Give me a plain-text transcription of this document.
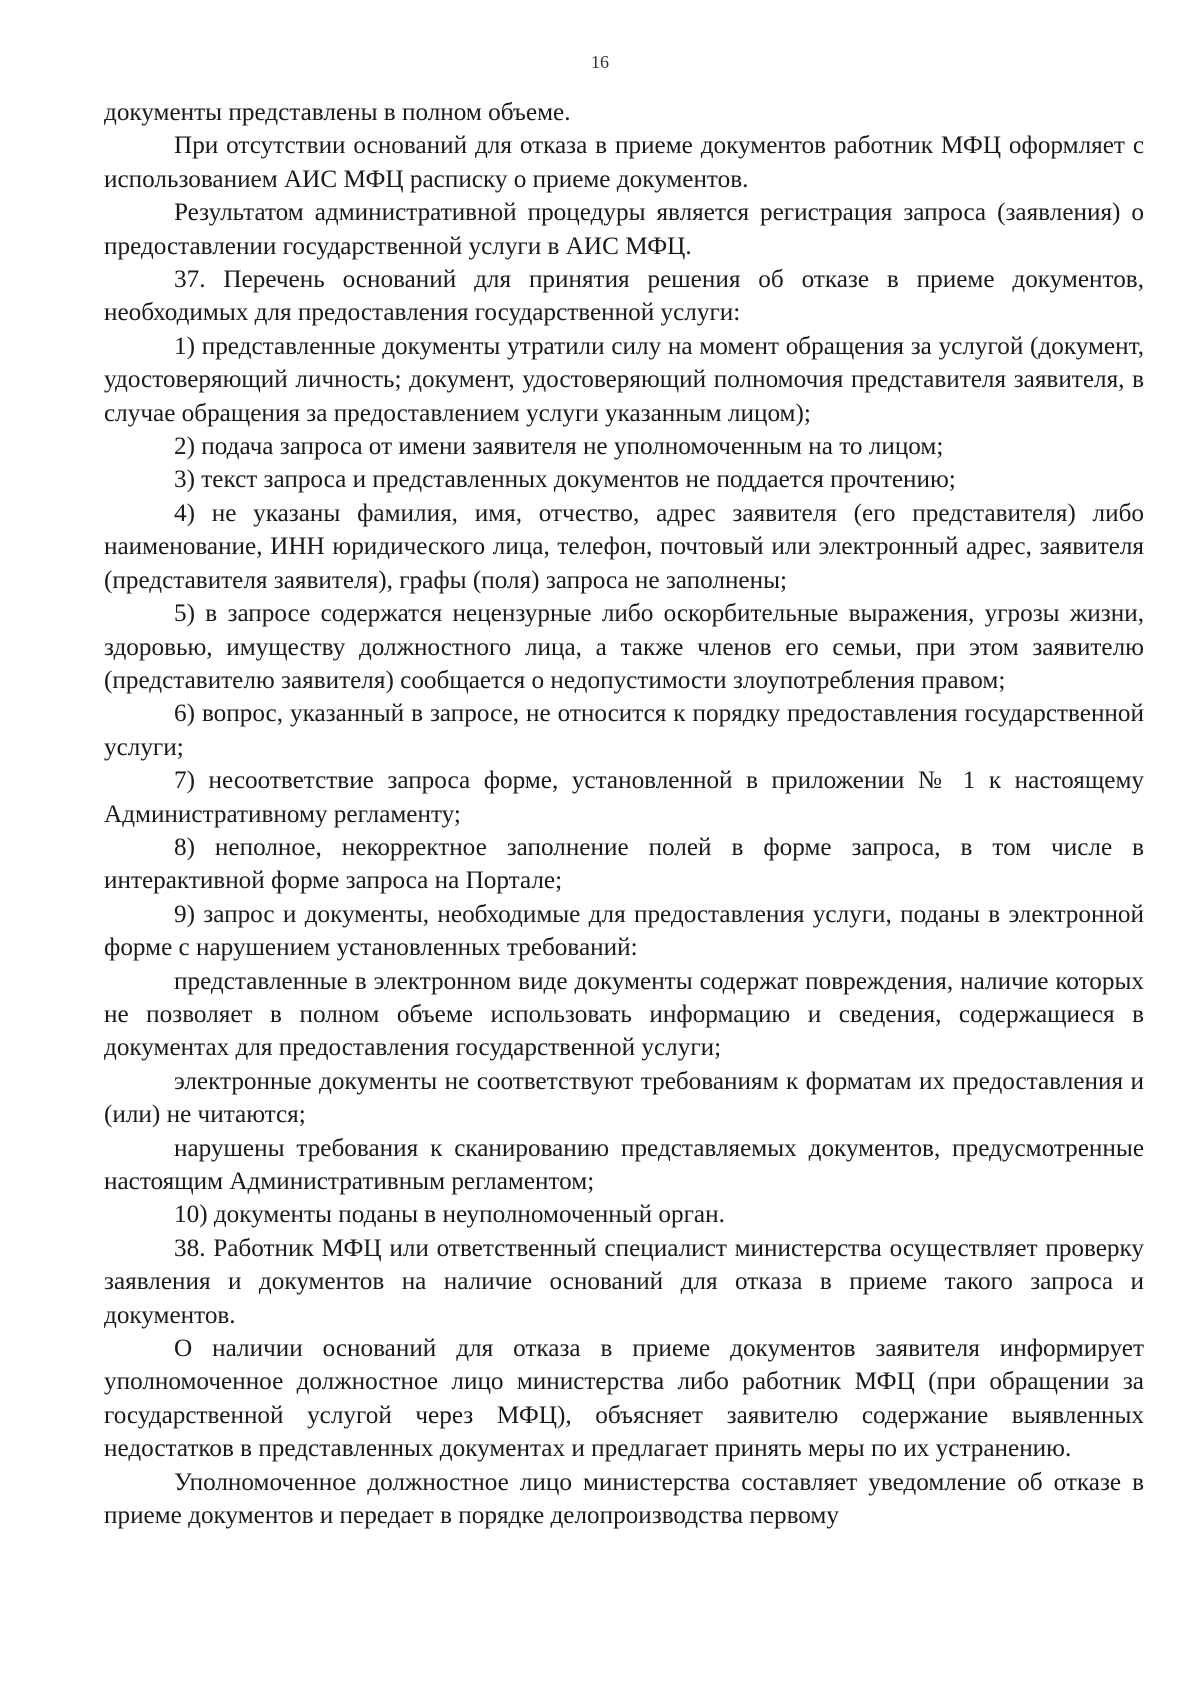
16

документы представлены в полном объеме.

При отсутствии оснований для отказа в приеме документов работник МФЦ оформляет с использованием АИС МФЦ расписку о приеме документов.

Результатом административной процедуры является регистрация запроса (заявления) о предоставлении государственной услуги в АИС МФЦ.

37. Перечень оснований для принятия решения об отказе в приеме документов, необходимых для предоставления государственной услуги:

1) представленные документы утратили силу на момент обращения за услугой (документ, удостоверяющий личность; документ, удостоверяющий полномочия представителя заявителя, в случае обращения за предоставлением услуги указанным лицом);

2) подача запроса от имени заявителя не уполномоченным на то лицом;

3) текст запроса и представленных документов не поддается прочтению;

4) не указаны фамилия, имя, отчество, адрес заявителя (его представителя) либо наименование, ИНН юридического лица, телефон, почтовый или электронный адрес, заявителя (представителя заявителя), графы (поля) запроса не заполнены;

5) в запросе содержатся нецензурные либо оскорбительные выражения, угрозы жизни, здоровью, имуществу должностного лица, а также членов его семьи, при этом заявителю (представителю заявителя) сообщается о недопустимости злоупотребления правом;

6) вопрос, указанный в запросе, не относится к порядку предоставления государственной услуги;

7) несоответствие запроса форме, установленной в приложении № 1 к настоящему Административному регламенту;

8) неполное, некорректное заполнение полей в форме запроса, в том числе в интерактивной форме запроса на Портале;

9) запрос и документы, необходимые для предоставления услуги, поданы в электронной форме с нарушением установленных требований:

представленные в электронном виде документы содержат повреждения, наличие которых не позволяет в полном объеме использовать информацию и сведения, содержащиеся в документах для предоставления государственной услуги;

электронные документы не соответствуют требованиям к форматам их предоставления и (или) не читаются;

нарушены требования к сканированию представляемых документов, предусмотренные настоящим Административным регламентом;

10) документы поданы в неуполномоченный орган.

38. Работник МФЦ или ответственный специалист министерства осуществляет проверку заявления и документов на наличие оснований для отказа в приеме такого запроса и документов.

О наличии оснований для отказа в приеме документов заявителя информирует уполномоченное должностное лицо министерства либо работник МФЦ (при обращении за государственной услугой через МФЦ), объясняет заявителю содержание выявленных недостатков в представленных документах и предлагает принять меры по их устранению.

Уполномоченное должностное лицо министерства составляет уведомление об отказе в приеме документов и передает в порядке делопроизводства первому
